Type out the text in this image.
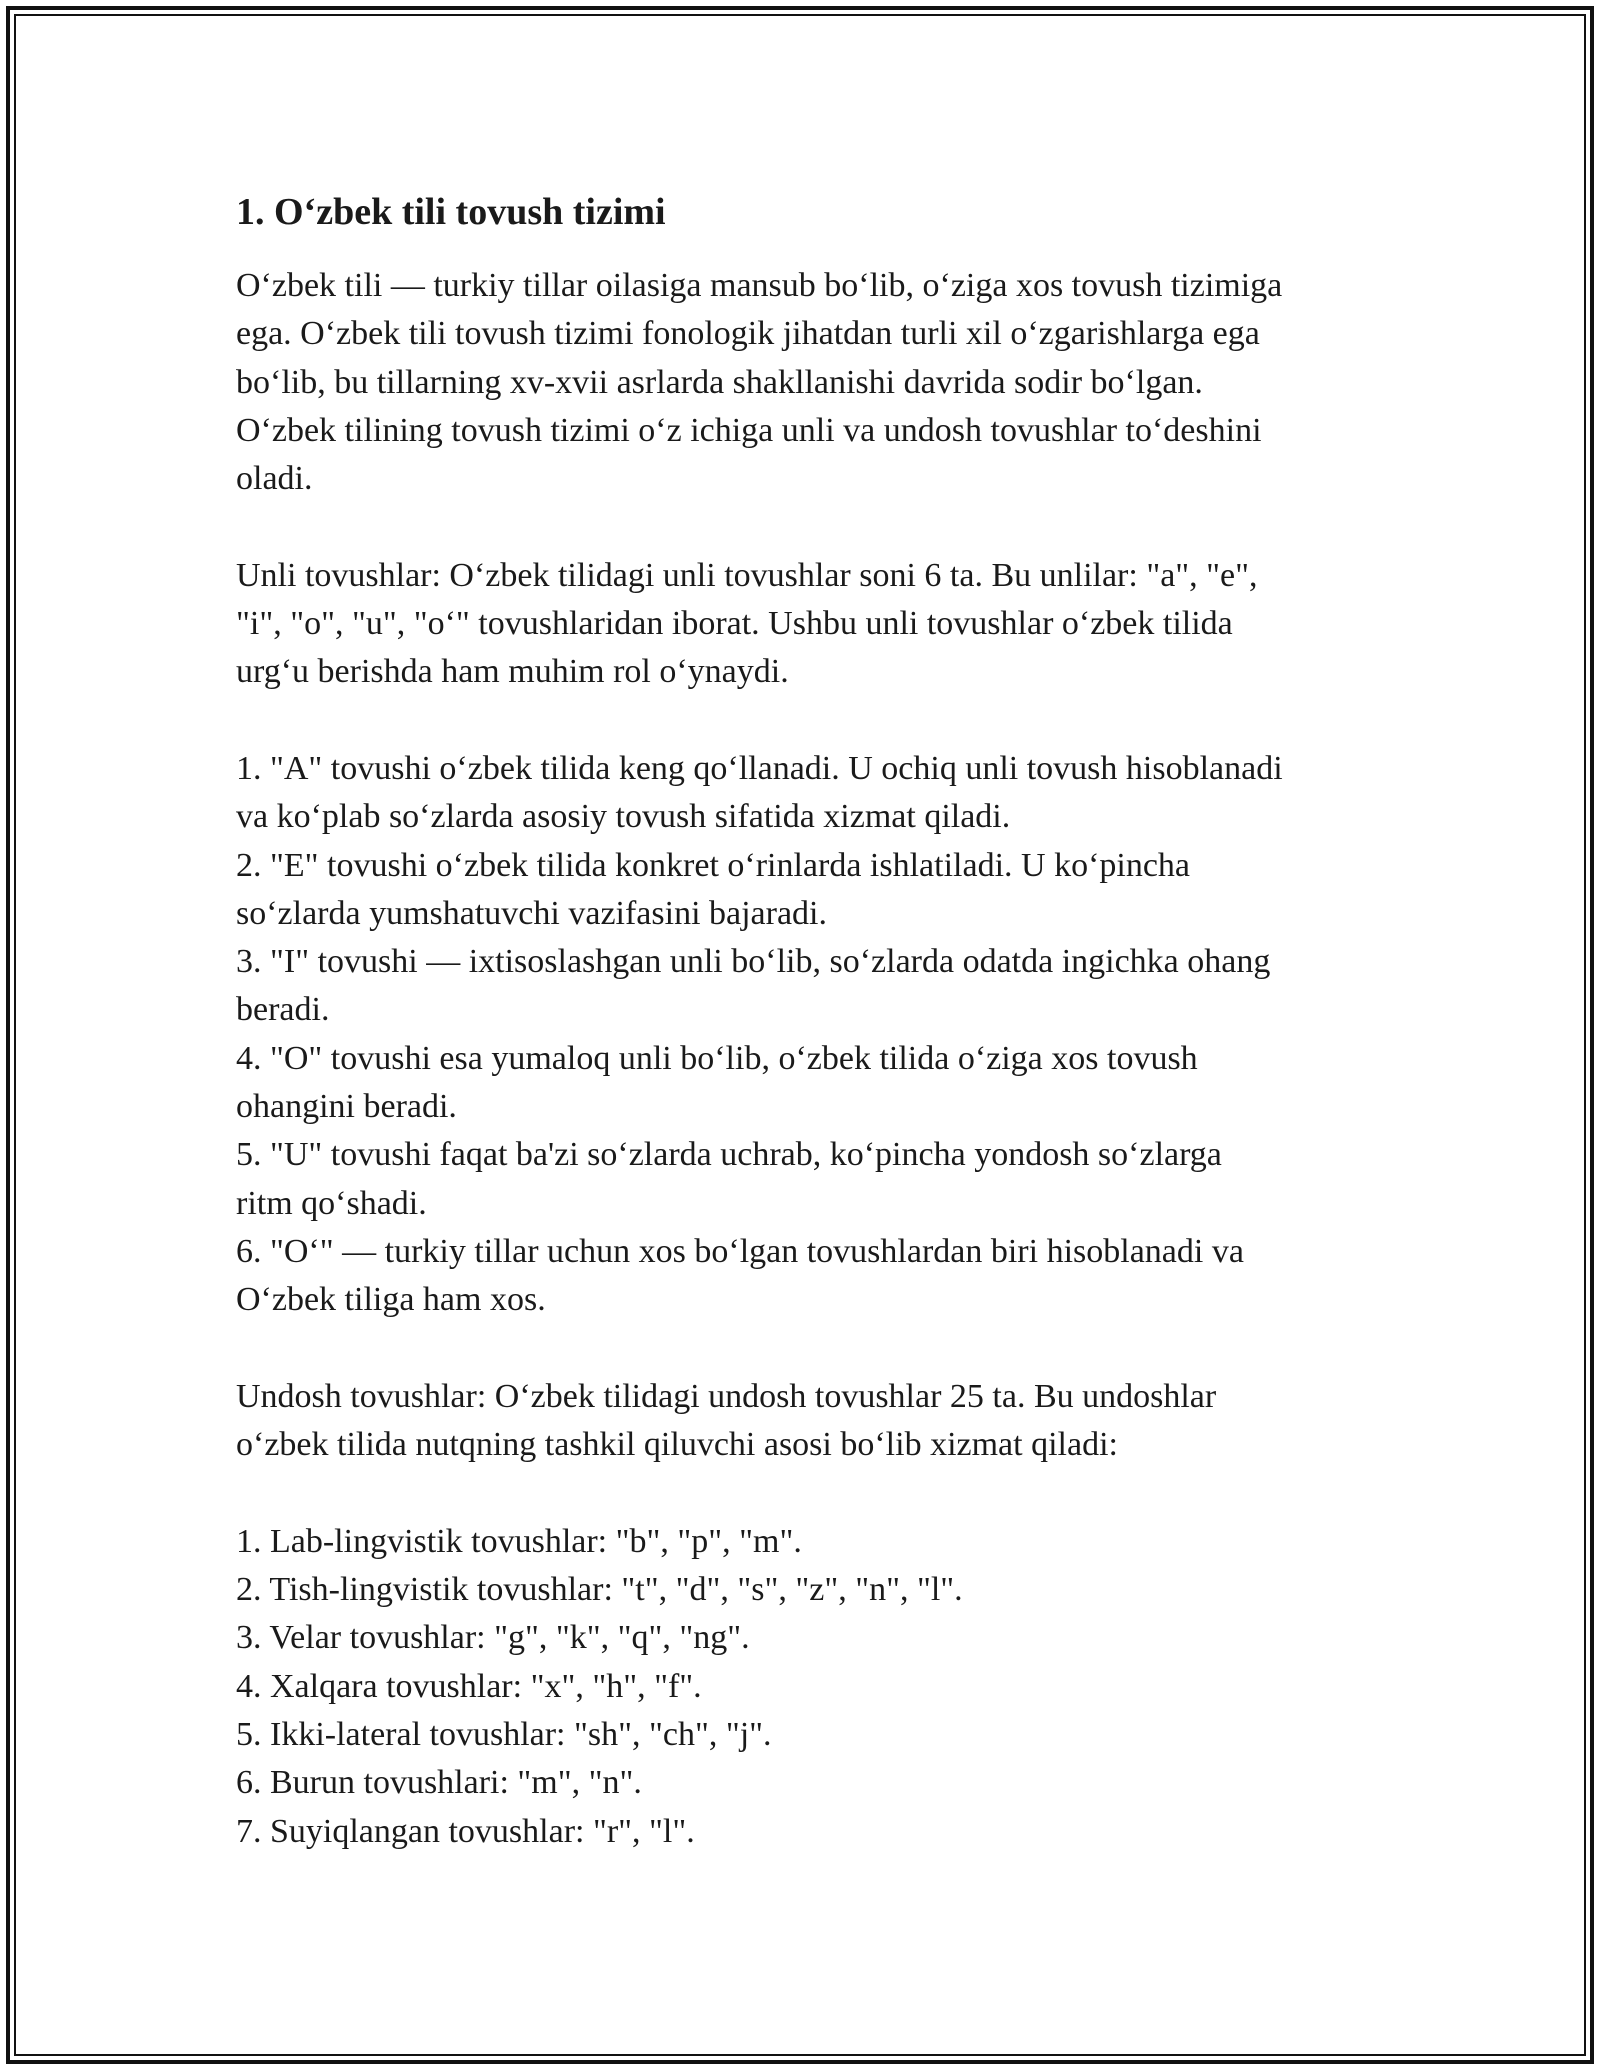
1. O‘zbek tili tovush tizimi

O‘zbek tili — turkiy tillar oilasiga mansub bo‘lib, o‘ziga xos tovush tizimiga
ega. O‘zbek tili tovush tizimi fonologik jihatdan turli xil o‘zgarishlarga ega
bo‘lib, bu tillarning xv-xvii asrlarda shakllanishi davrida sodir bo‘lgan.
O‘zbek tilining tovush tizimi o‘z ichiga unli va undosh tovushlar to‘deshini
oladi.

Unli tovushlar: O‘zbek tilidagi unli tovushlar soni 6 ta. Bu unlilar: "a", "e",
"i", "o", "u", "o‘" tovushlaridan iborat. Ushbu unli tovushlar o‘zbek tilida
urg‘u berishda ham muhim rol o‘ynaydi.

1. "A" tovushi o‘zbek tilida keng qo‘llanadi. U ochiq unli tovush hisoblanadi
va ko‘plab so‘zlarda asosiy tovush sifatida xizmat qiladi.
2. "E" tovushi o‘zbek tilida konkret o‘rinlarda ishlatiladi. U ko‘pincha
so‘zlarda yumshatuvchi vazifasini bajaradi.
3. "I" tovushi — ixtisoslashgan unli bo‘lib, so‘zlarda odatda ingichka ohang
beradi.
4. "O" tovushi esa yumaloq unli bo‘lib, o‘zbek tilida o‘ziga xos tovush
ohangini beradi.
5. "U" tovushi faqat ba'zi so‘zlarda uchrab, ko‘pincha yondosh so‘zlarga
ritm qo‘shadi.
6. "O‘" — turkiy tillar uchun xos bo‘lgan tovushlardan biri hisoblanadi va
O‘zbek tiliga ham xos.

Undosh tovushlar: O‘zbek tilidagi undosh tovushlar 25 ta. Bu undoshlar
o‘zbek tilida nutqning tashkil qiluvchi asosi bo‘lib xizmat qiladi:

1. Lab-lingvistik tovushlar: "b", "p", "m".
2. Tish-lingvistik tovushlar: "t", "d", "s", "z", "n", "l".
3. Velar tovushlar: "g", "k", "q", "ng".
4. Xalqara tovushlar: "x", "h", "f".
5. Ikki-lateral tovushlar: "sh", "ch", "j".
6. Burun tovushlari: "m", "n".
7. Suyiqlangan tovushlar: "r", "l".
